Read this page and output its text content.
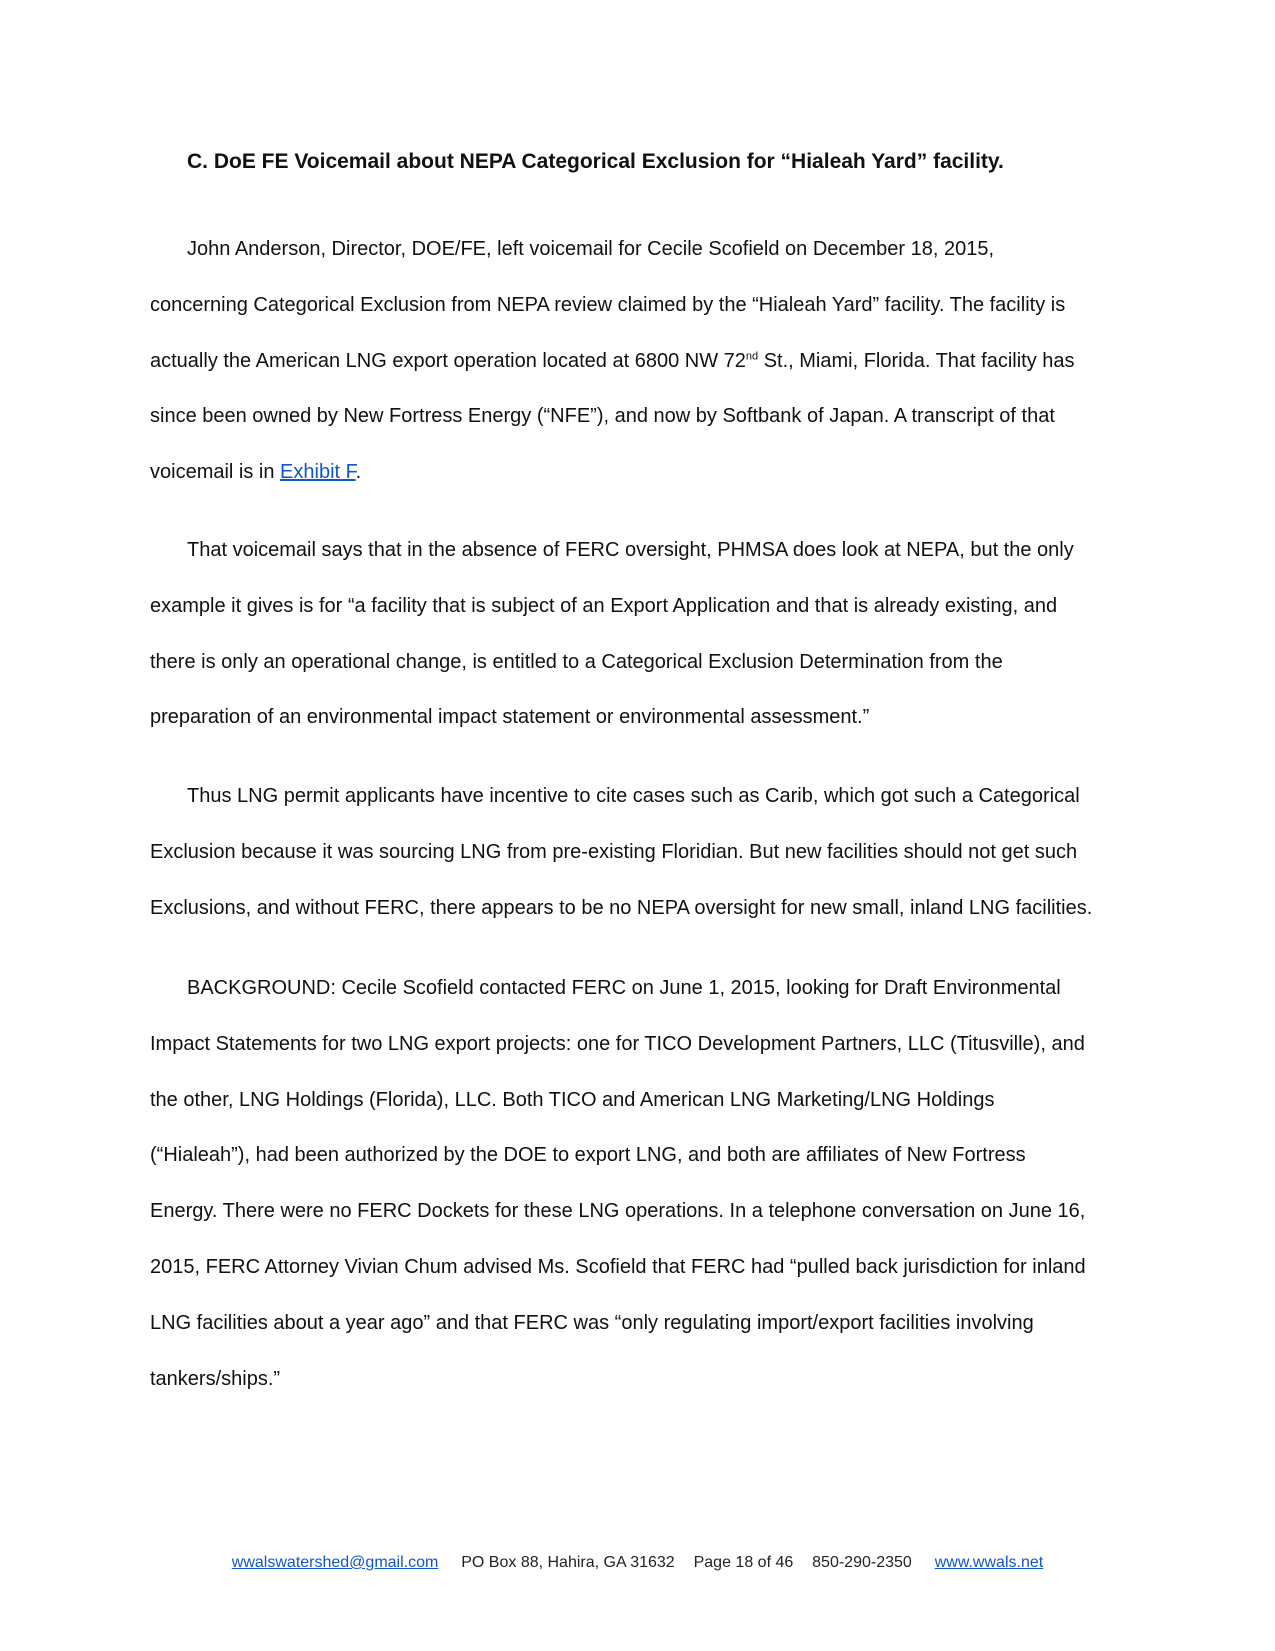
C. DoE FE Voicemail about NEPA Categorical Exclusion for “Hialeah Yard” facility.

John Anderson, Director, DOE/FE, left voicemail for Cecile Scofield on December 18, 2015,

concerning Categorical Exclusion from NEPA review claimed by the “Hialeah Yard” facility. The facility is
actually the American LNG export operation located at 6800 NW 72nd St., Miami, Florida. That facility has
since been owned by New Fortress Energy (“NFE”), and now by Softbank of Japan. A transcript of that
voicemail is in Exhibit F.

That voicemail says that in the absence of FERC oversight, PHMSA does look at NEPA, but the only

example it gives is for “a facility that is subject of an Export Application and that is already existing, and
there is only an operational change, is entitled to a Categorical Exclusion Determination from the
preparation of an environmental impact statement or environmental assessment.”

Thus LNG permit applicants have incentive to cite cases such as Carib, which got such a Categorical

Exclusion because it was sourcing LNG from pre-existing Floridian. But new facilities should not get such
Exclusions, and without FERC, there appears to be no NEPA oversight for new small, inland LNG facilities.

BACKGROUND: Cecile Scofield contacted FERC on June 1, 2015, looking for Draft Environmental

Impact Statements for two LNG export projects: one for TICO Development Partners, LLC (Titusville), and
the other, LNG Holdings (Florida), LLC. Both TICO and American LNG Marketing/LNG Holdings
(“Hialeah”), had been authorized by the DOE to export LNG, and both are affiliates of New Fortress
Energy. There were no FERC Dockets for these LNG operations. In a telephone conversation on June 16,
2015, FERC Attorney Vivian Chum advised Ms. Scofield that FERC had “pulled back jurisdiction for inland
LNG facilities about a year ago” and that FERC was “only regulating import/export facilities involving
tankers/ships.”
wwalswatershed@gmail.com PO Box 88, Hahira, GA 31632 Page 18 of 46 850-290-2350 www.wwals.net
